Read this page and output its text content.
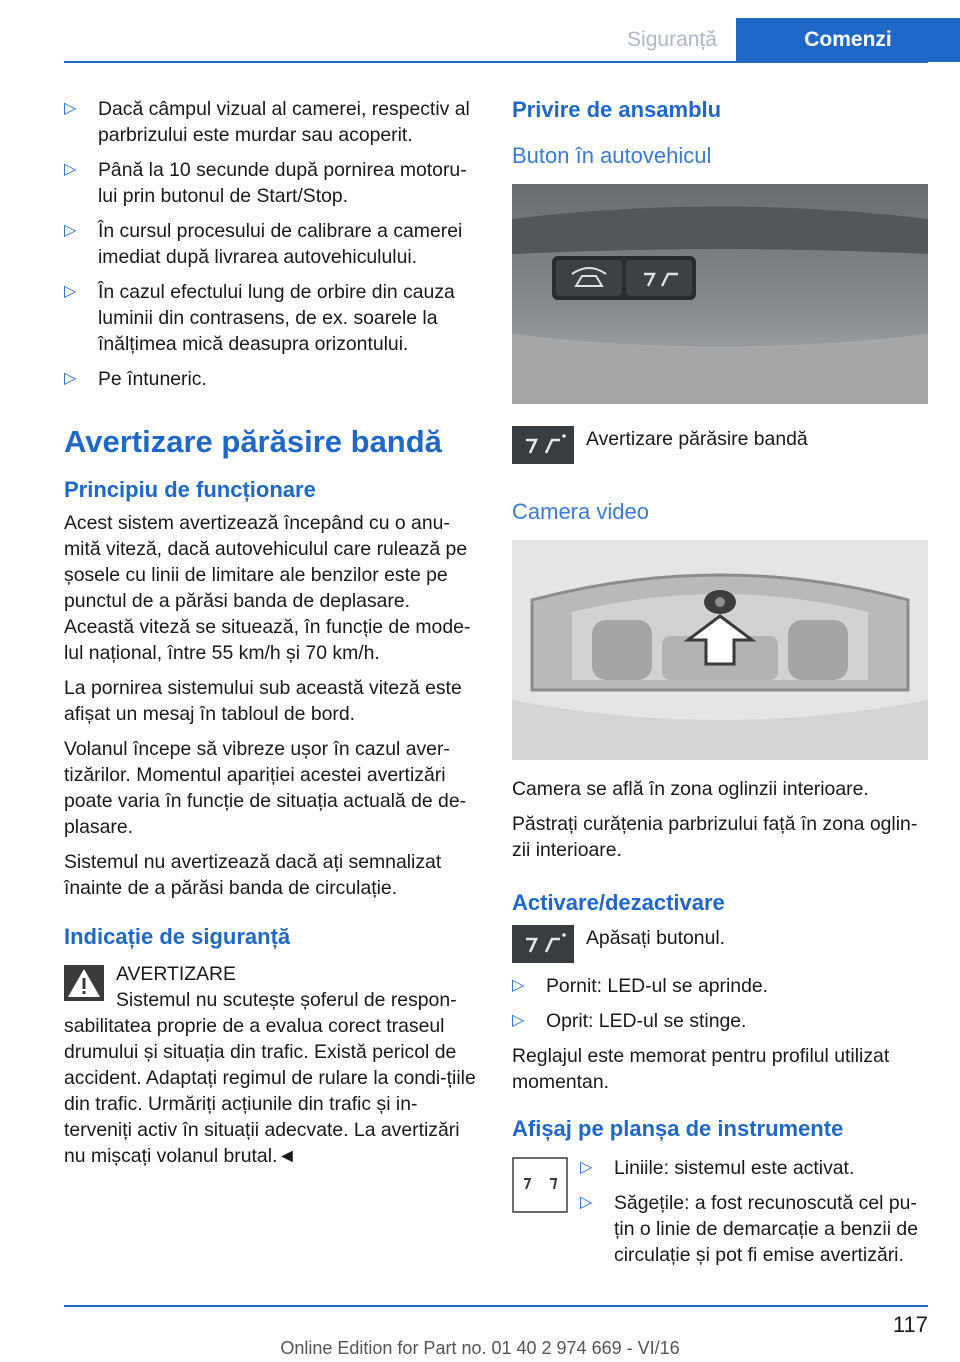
Siguranță	Comenzi
▷ Dacă câmpul vizual al camerei, respectiv al parbrizului este murdar sau acoperit.
▷ Până la 10 secunde după pornirea motoru‐lui prin butonul de Start/Stop.
▷ În cursul procesului de calibrare a camerei imediat după livrarea autovehiculului.
▷ În cazul efectului lung de orbire din cauza luminii din contrasens, de ex. soarele la înălțimea mică deasupra orizontului.
▷ Pe întuneric.
Avertizare părăsire bandă
Principiu de funcționare

Acest sistem avertizează începând cu o anu‐mită viteză, dacă autovehiculul care rulează pe șosele cu linii de limitare ale benzilor este pe punctul de a părăsi banda de deplasare. Această viteză se situează, în funcție de mode‐lul național, între 55 km/h și 70 km/h.

La pornirea sistemului sub această viteză este afișat un mesaj în tabloul de bord.

Volanul începe să vibreze ușor în cazul aver‐tizărilor. Momentul apariției acestei avertizări poate varia în funcție de situația actuală de de‐plasare.

Sistemul nu avertizează dacă ați semnalizat înainte de a părăsi banda de circulație.

Indicație de siguranță
AVERTIZARE
Sistemul nu scutește șoferul de respon‐

sabilitatea proprie de a evalua corect traseul drumului și situația din trafic. Există pericol de accident. Adaptați regimul de rulare la condi‐țiile din trafic. Urmăriți acțiunile din trafic și in‐terveniți activ în situații adecvate. La avertizări nu mișcați volanul brutal.◄

Privire de ansamblu
Buton în autovehicul

Avertizare părăsire bandă

Camera video

Camera se află în zona oglinzii interioare.

Păstrați curățenia parbrizului față în zona oglin‐zii interioare.

Activare/dezactivare

Apăsați butonul.

▷ Pornit: LED-ul se aprinde.
▷ Oprit: LED-ul se stinge.

Reglajul este memorat pentru profilul utilizat momentan.

Afișaj pe planșa de instrumente
▷ Liniile: sistemul este activat.
▷ Săgețile: a fost recunoscută cel pu‐țin o linie de demarcație a benzii de circulație și pot fi emise avertizări.
117
Online Edition for Part no. 01 40 2 974 669 - VI/16
